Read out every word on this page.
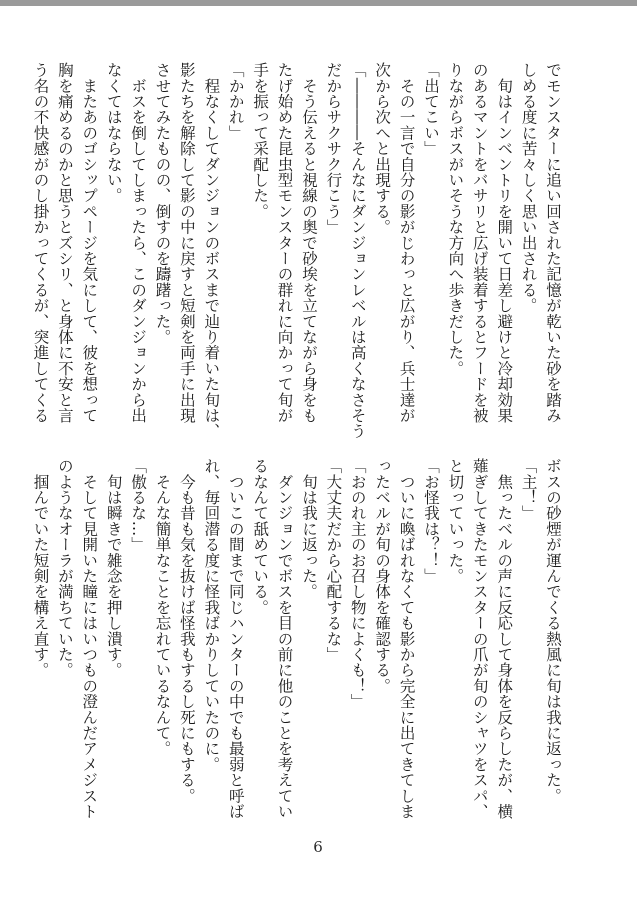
でモンスターに追い回された記憶が乾いた砂を踏み

しめる度に苦々しく思い出される。

　旬はインベントリを開いて日差し避けと冷却効果

のあるマントをバサリと広げ装着するとフードを被

りながらボスがいそうな方向へ歩きだした。

「出てこい」

　その一言で自分の影がじわっと広がり、兵士達が

次から次へと出現する。

「――――そんなにダンジョンレベルは高くなさそう

だからサクサク行こう」

　そう伝えると視線の奥で砂埃を立てながら身をも

たげ始めた昆虫型モンスターの群れに向かって旬が

手を振って采配した。

「かかれ」

　程なくしてダンジョンのボスまで辿り着いた旬は、

影たちを解除して影の中に戻すと短剣を両手に出現

させてみたものの、倒すのを躊躇った。

　ボスを倒してしまったら、このダンジョンから出

なくてはならない。

　またあのゴシップページを気にして、彼を想って

胸を痛めるのかと思うとズシリ、と身体に不安と言

う名の不快感がのし掛かってくるが、突進してくる

ボスの砂煙が運んでくる熱風に旬は我に返った。

「主！」

　焦ったベルの声に反応して身体を反らしたが、横

薙ぎしてきたモンスターの爪が旬のシャツをスパ、

と切っていった。

「お怪我は？！」

　ついに喚ばれなくても影から完全に出てきてしま

ったベルが旬の身体を確認する。

「おのれ主のお召し物によくも！」

「大丈夫だから心配するな」

　旬は我に返った。

　ダンジョンでボスを目の前に他のことを考えてい

るなんて舐めている。

　ついこの間まで同じハンターの中でも最弱と呼ば

れ、毎回潜る度に怪我ばかりしていたのに。

　今も昔も気を抜けば怪我もするし死にもする。

　そんな簡単なことを忘れているなんて。

「傲るな…」

　旬は瞬きで雑念を押し潰す。

　そして見開いた瞳にはいつもの澄んだアメジスト

のようなオーラが満ちていた。

　掴んでいた短剣を構え直す。

6
